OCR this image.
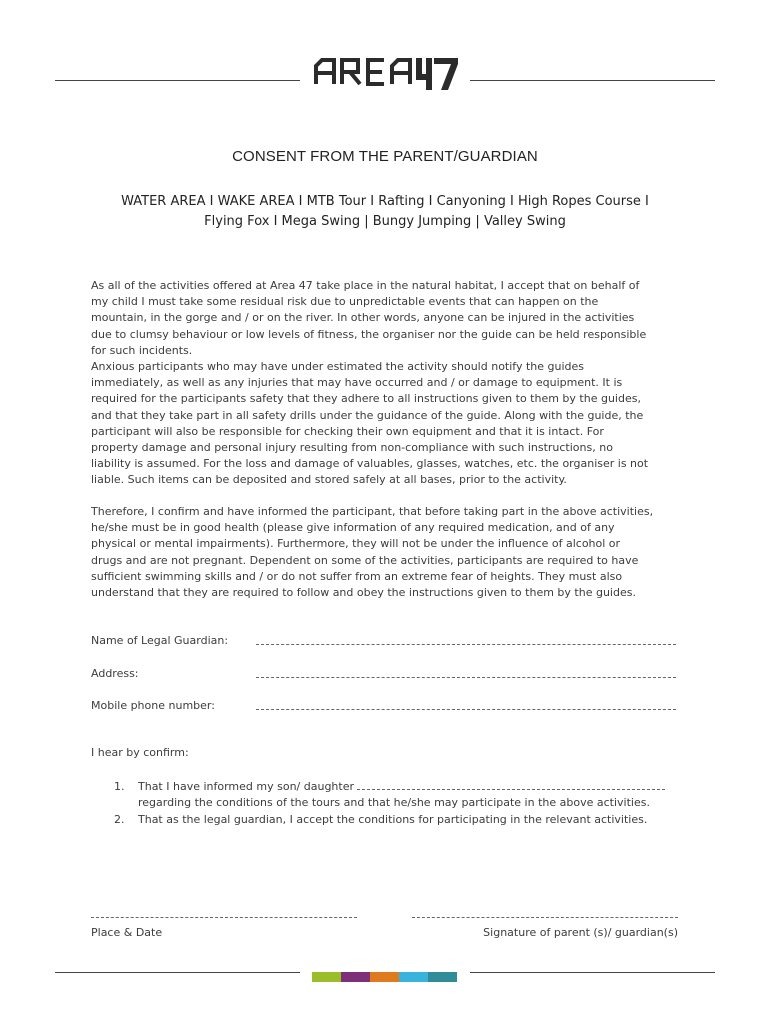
CONSENT FROM THE PARENT/GUARDIAN
WATER AREA I WAKE AREA I MTB Tour I Rafting I Canyoning I High Ropes Course I
Flying Fox I Mega Swing | Bungy Jumping | Valley Swing
As all of the activities offered at Area 47 take place in the natural habitat, I accept that on behalf of
my child I must take some residual risk due to unpredictable events that can happen on the
mountain, in the gorge and / or on the river. In other words, anyone can be injured in the activities
due to clumsy behaviour or low levels of fitness, the organiser nor the guide can be held responsible
for such incidents.
Anxious participants who may have under estimated the activity should notify the guides
immediately, as well as any injuries that may have occurred and / or damage to equipment. It is
required for the participants safety that they adhere to all instructions given to them by the guides,
and that they take part in all safety drills under the guidance of the guide. Along with the guide, the
participant will also be responsible for checking their own equipment and that it is intact. For
property damage and personal injury resulting from non-compliance with such instructions, no
liability is assumed. For the loss and damage of valuables, glasses, watches, etc. the organiser is not
liable. Such items can be deposited and stored safely at all bases, prior to the activity.
Therefore, I confirm and have informed the participant, that before taking part in the above activities,
he/she must be in good health (please give information of any required medication, and of any
physical or mental impairments). Furthermore, they will not be under the influence of alcohol or
drugs and are not pregnant. Dependent on some of the activities, participants are required to have
sufficient swimming skills and / or do not suffer from an extreme fear of heights. They must also
understand that they are required to follow and obey the instructions given to them by the guides.
Name of Legal Guardian:
Address:
Mobile phone number:
I hear by confirm:
1. That I have informed my son/ daughter
regarding the conditions of the tours and that he/she may participate in the above activities.
2. That as the legal guardian, I accept the conditions for participating in the relevant activities.
Place & Date	Signature of parent (s)/ guardian(s)
